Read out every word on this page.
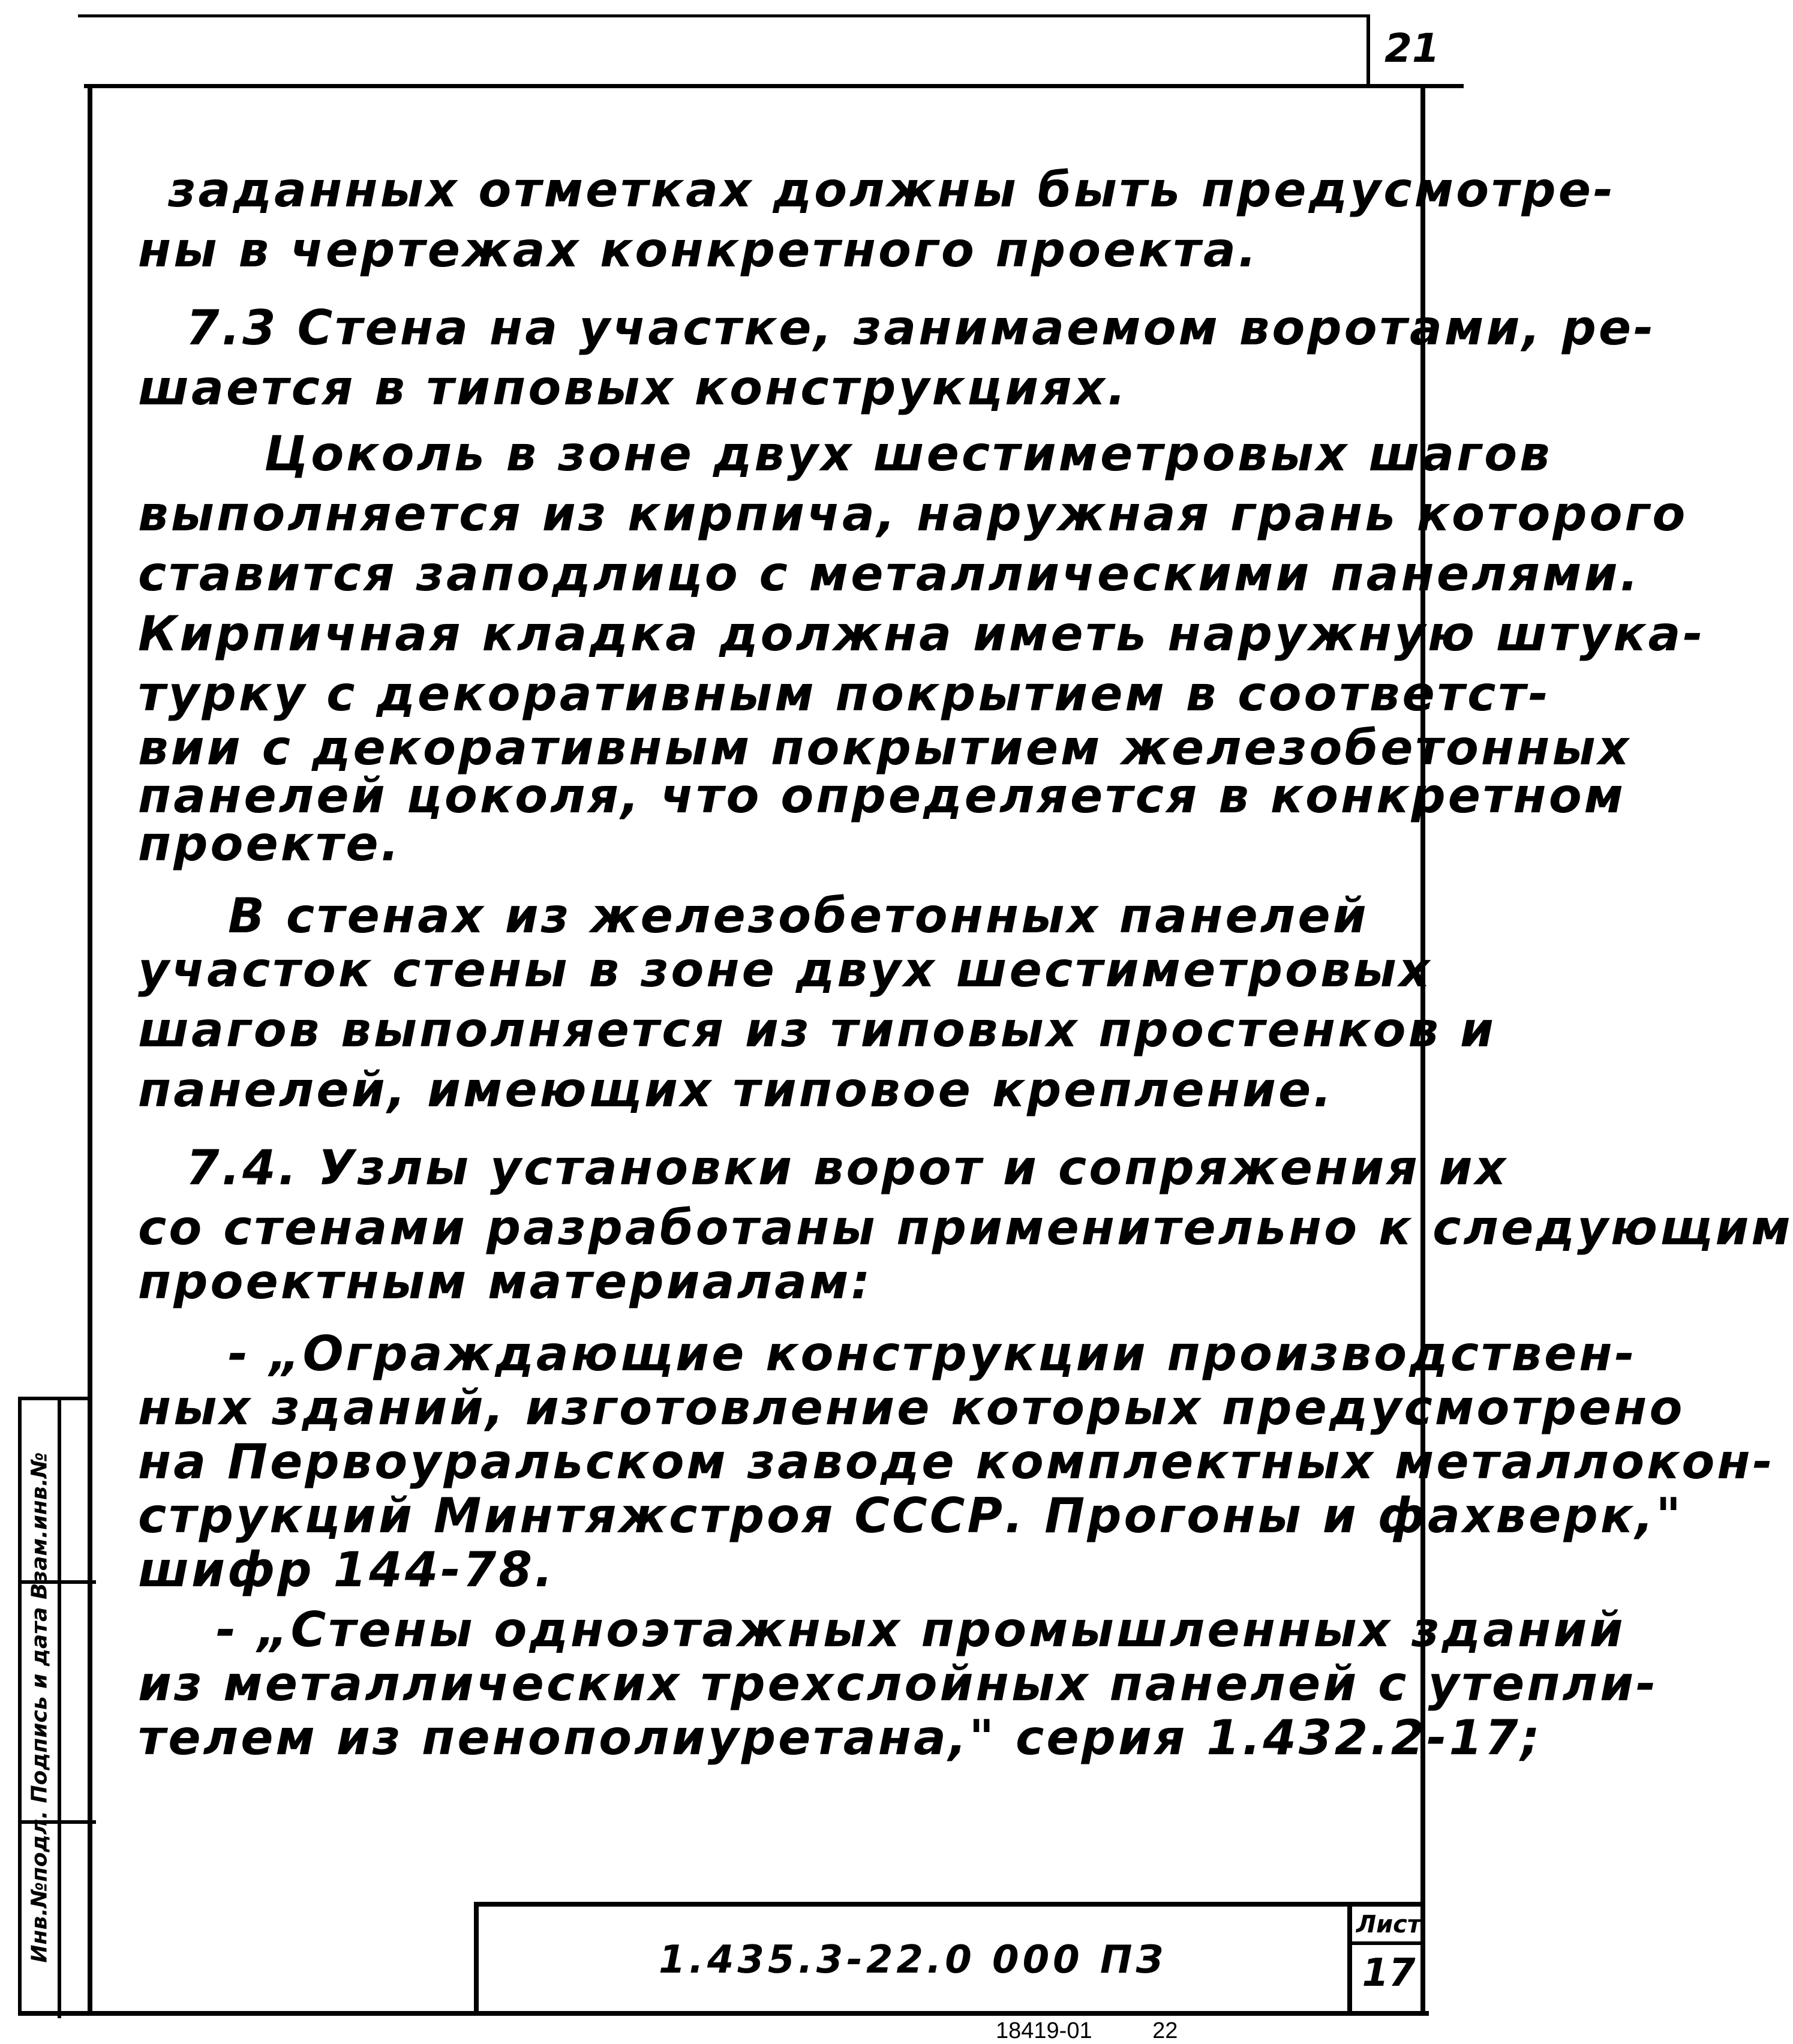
21
заданных отметках должны быть предусмотре-
ны в чертежах конкретного проекта.
7.3 Стена на участке, занимаемом воротами, ре-
шается в типовых конструкциях.
Цоколь в зоне двух шестиметровых шагов
выполняется из кирпича, наружная грань которого
ставится заподлицо с металлическими панелями.
Кирпичная кладка должна иметь наружную штука-
турку с декоративным покрытием в соответст-
вии с декоративным покрытием железобетонных
панелей цоколя, что определяется в конкретном
проекте.
В стенах из железобетонных панелей
участок стены в зоне двух шестиметровых
шагов выполняется из типовых простенков и
панелей, имеющих типовое крепление.
7.4. Узлы установки ворот и сопряжения их
со стенами разработаны применительно к следующим
проектным материалам:
- „Ограждающие конструкции производствен-
ных зданий, изготовление которых предусмотрено
на Первоуральском заводе комплектных металлокон-
струкций Минтяжстроя СССР. Прогоны и фахверк,"
шифр 144-78.
- „Стены одноэтажных промышленных зданий
из металлических трехслойных панелей с утепли-
телем из пенополиуретана," серия 1.432.2-17;
Инв.№подл. Подпись и дата Взам.инв.№	1.435.3-22.0 000 ПЗ
Лист
17
18419-01	22
